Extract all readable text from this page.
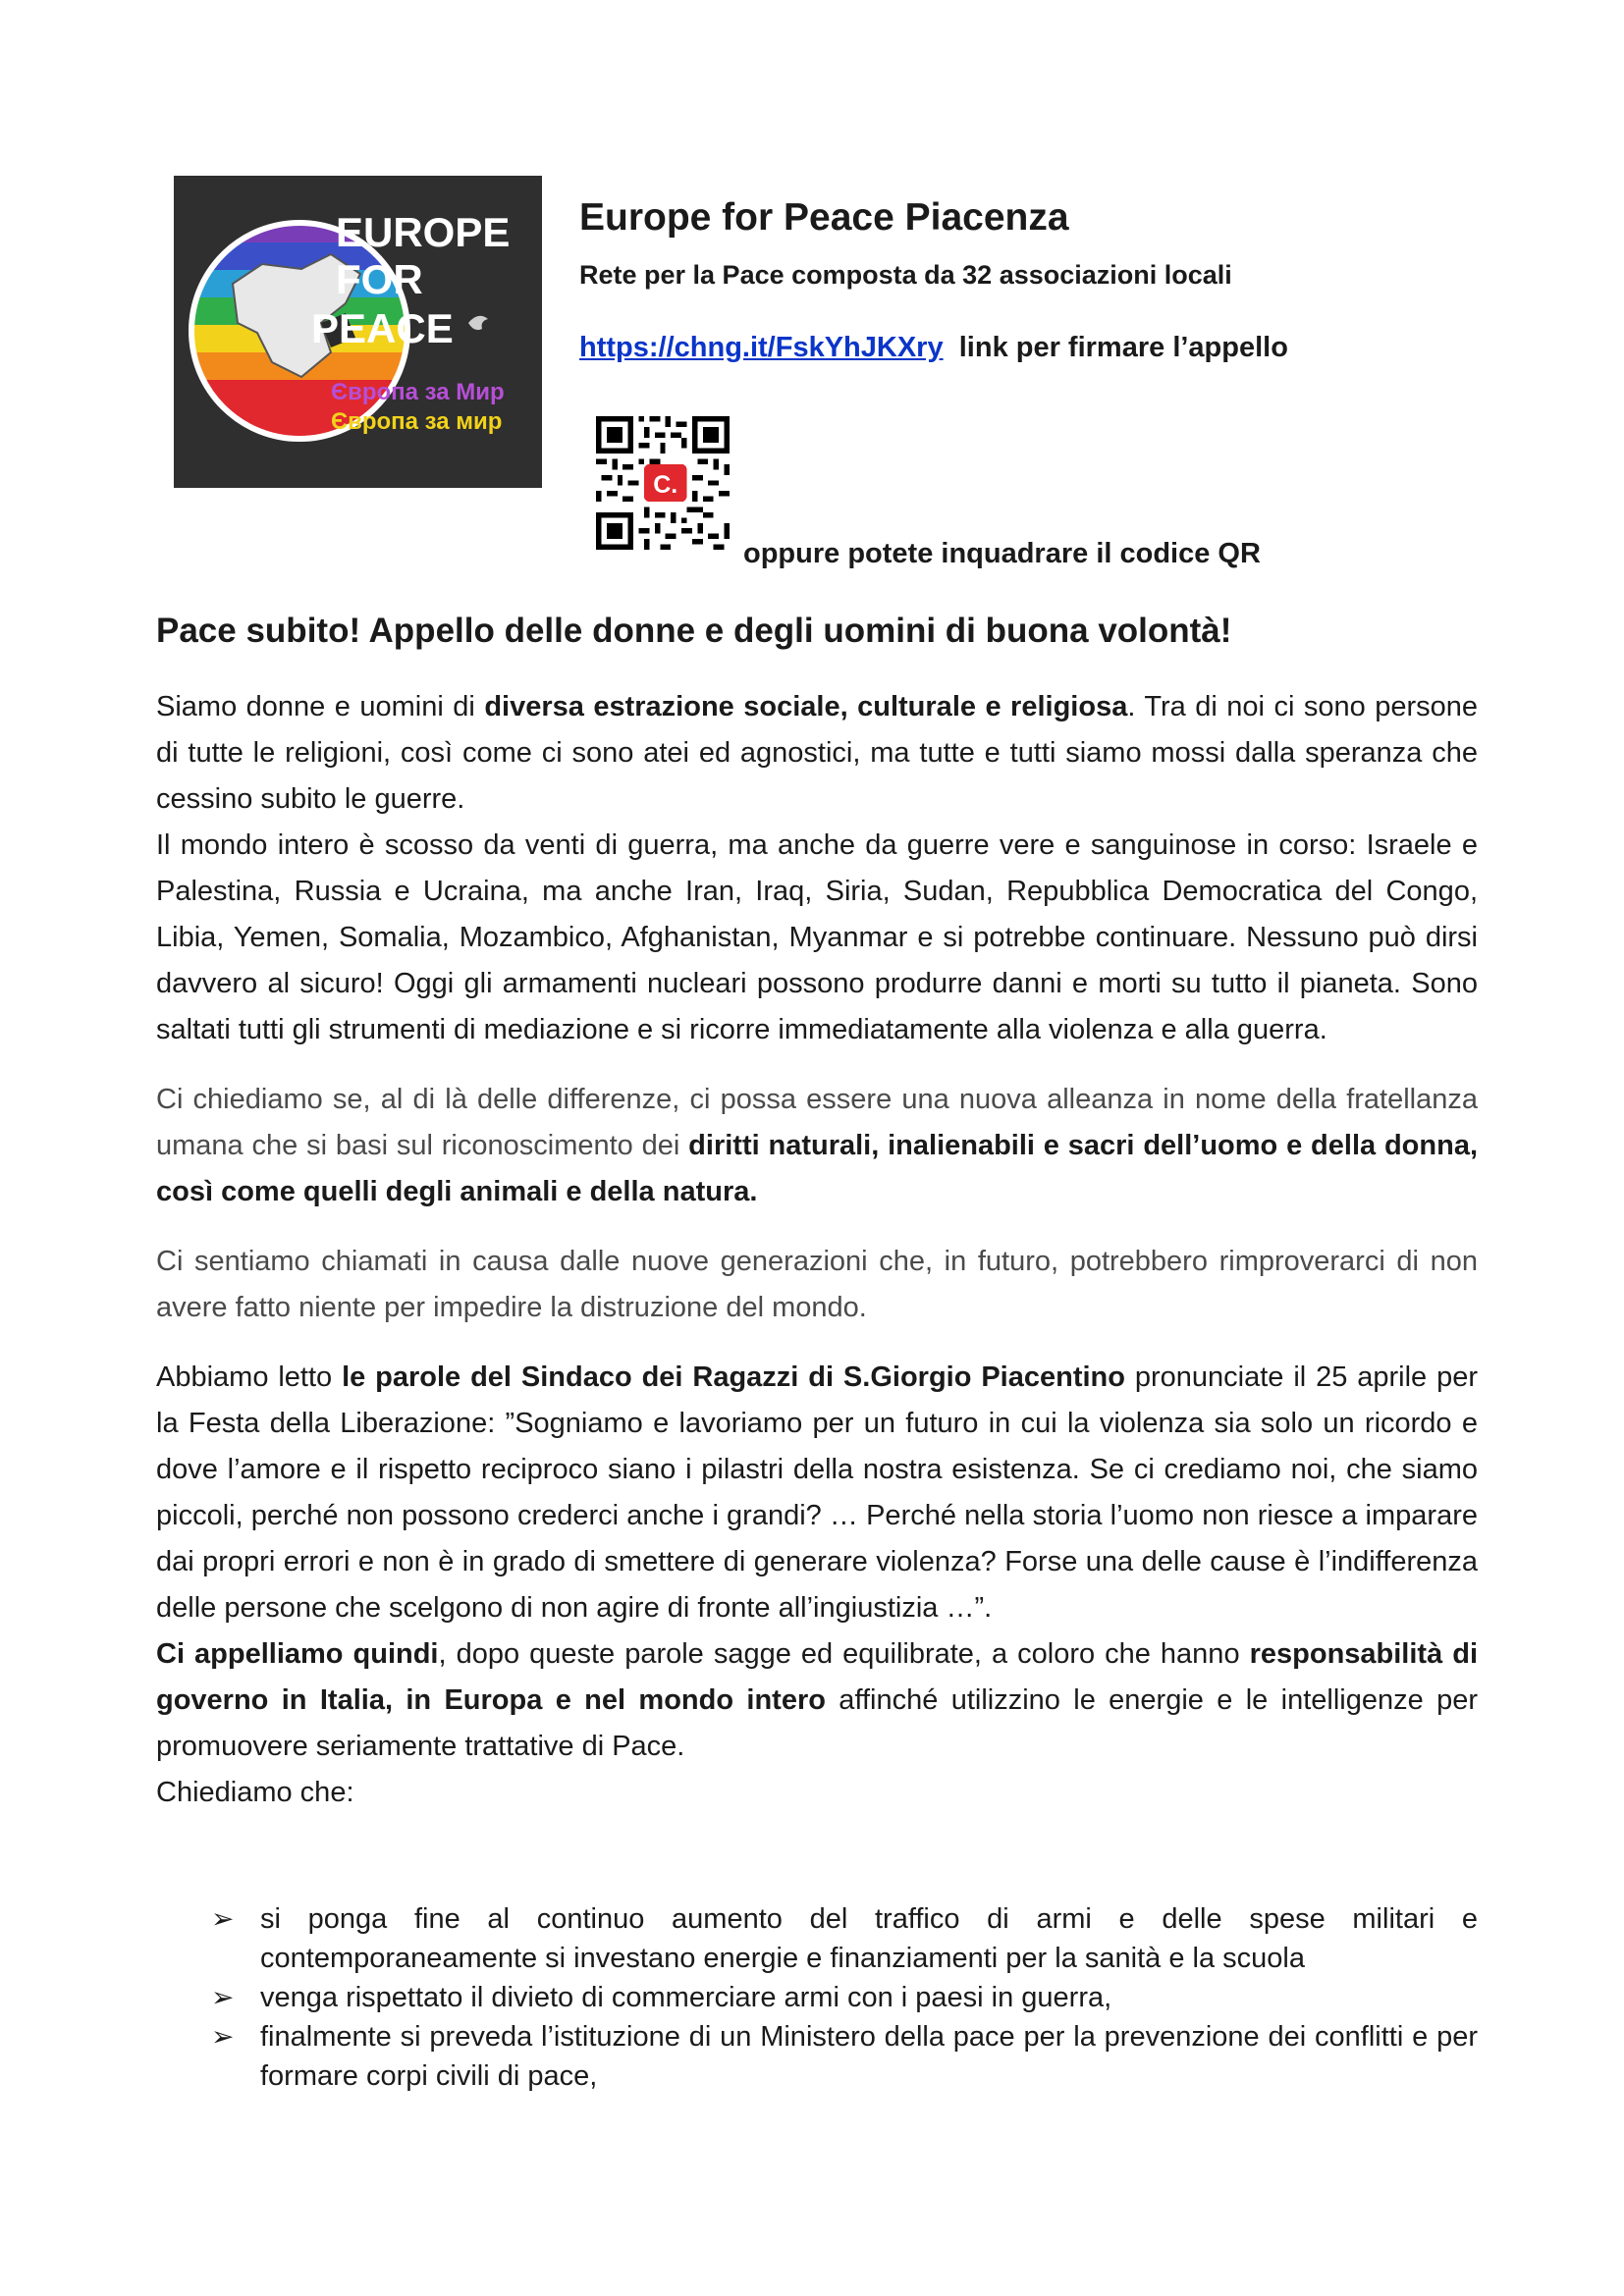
EUROPE
FOR
PEACE
Європа за Мир
Європа за мир
Europe for Peace Piacenza
Rete per la Pace composta da 32 associazioni locali
https://chng.it/FskYhJKXry link per firmare l’appello
C.
oppure potete inquadrare il codice QR
Pace subito! Appello delle donne e degli uomini di buona volontà!

Siamo donne e uomini di diversa estrazione sociale, culturale e religiosa. Tra di noi ci sono persone di tutte le religioni, così come ci sono atei ed agnostici, ma tutte e tutti siamo mossi dalla speranza che cessino subito le guerre.

Il mondo intero è scosso da venti di guerra, ma anche da guerre vere e sanguinose in corso: Israele e Palestina, Russia e Ucraina, ma anche Iran, Iraq, Siria, Sudan, Repubblica Democratica del Congo, Libia, Yemen, Somalia, Mozambico, Afghanistan, Myanmar e si potrebbe continuare. Nessuno può dirsi davvero al sicuro! Oggi gli armamenti nucleari possono produrre danni e morti su tutto il pianeta. Sono saltati tutti gli strumenti di mediazione e si ricorre immediatamente alla violenza e alla guerra.

Ci chiediamo se, al di là delle differenze, ci possa essere una nuova alleanza in nome della fratellanza umana che si basi sul riconoscimento dei diritti naturali, inalienabili e sacri dell’uomo e della donna, così come quelli degli animali e della natura.

Ci sentiamo chiamati in causa dalle nuove generazioni che, in futuro, potrebbero rimproverarci di non avere fatto niente per impedire la distruzione del mondo.

Abbiamo letto le parole del Sindaco dei Ragazzi di S.Giorgio Piacentino pronunciate il 25 aprile per la Festa della Liberazione: ”Sogniamo e lavoriamo per un futuro in cui la violenza sia solo un ricordo e dove l’amore e il rispetto reciproco siano i pilastri della nostra esistenza. Se ci crediamo noi, che siamo piccoli, perché non possono crederci anche i grandi? … Perché nella storia l’uomo non riesce a imparare dai propri errori e non è in grado di smettere di generare violenza? Forse una delle cause è l’indifferenza delle persone che scelgono di non agire di fronte all’ingiustizia …”.

Ci appelliamo quindi, dopo queste parole sagge ed equilibrate, a coloro che hanno responsabilità di governo in Italia, in Europa e nel mondo intero affinché utilizzino le energie e le intelligenze per promuovere seriamente trattative di Pace.

Chiediamo che:

➢ si ponga fine al continuo aumento del traffico di armi e delle spese militari e contemporaneamente si investano energie e finanziamenti per la sanità e la scuola
➢ venga rispettato il divieto di commerciare armi con i paesi in guerra,
➢ finalmente si preveda l’istituzione di un Ministero della pace per la prevenzione dei conflitti e per formare corpi civili di pace,
